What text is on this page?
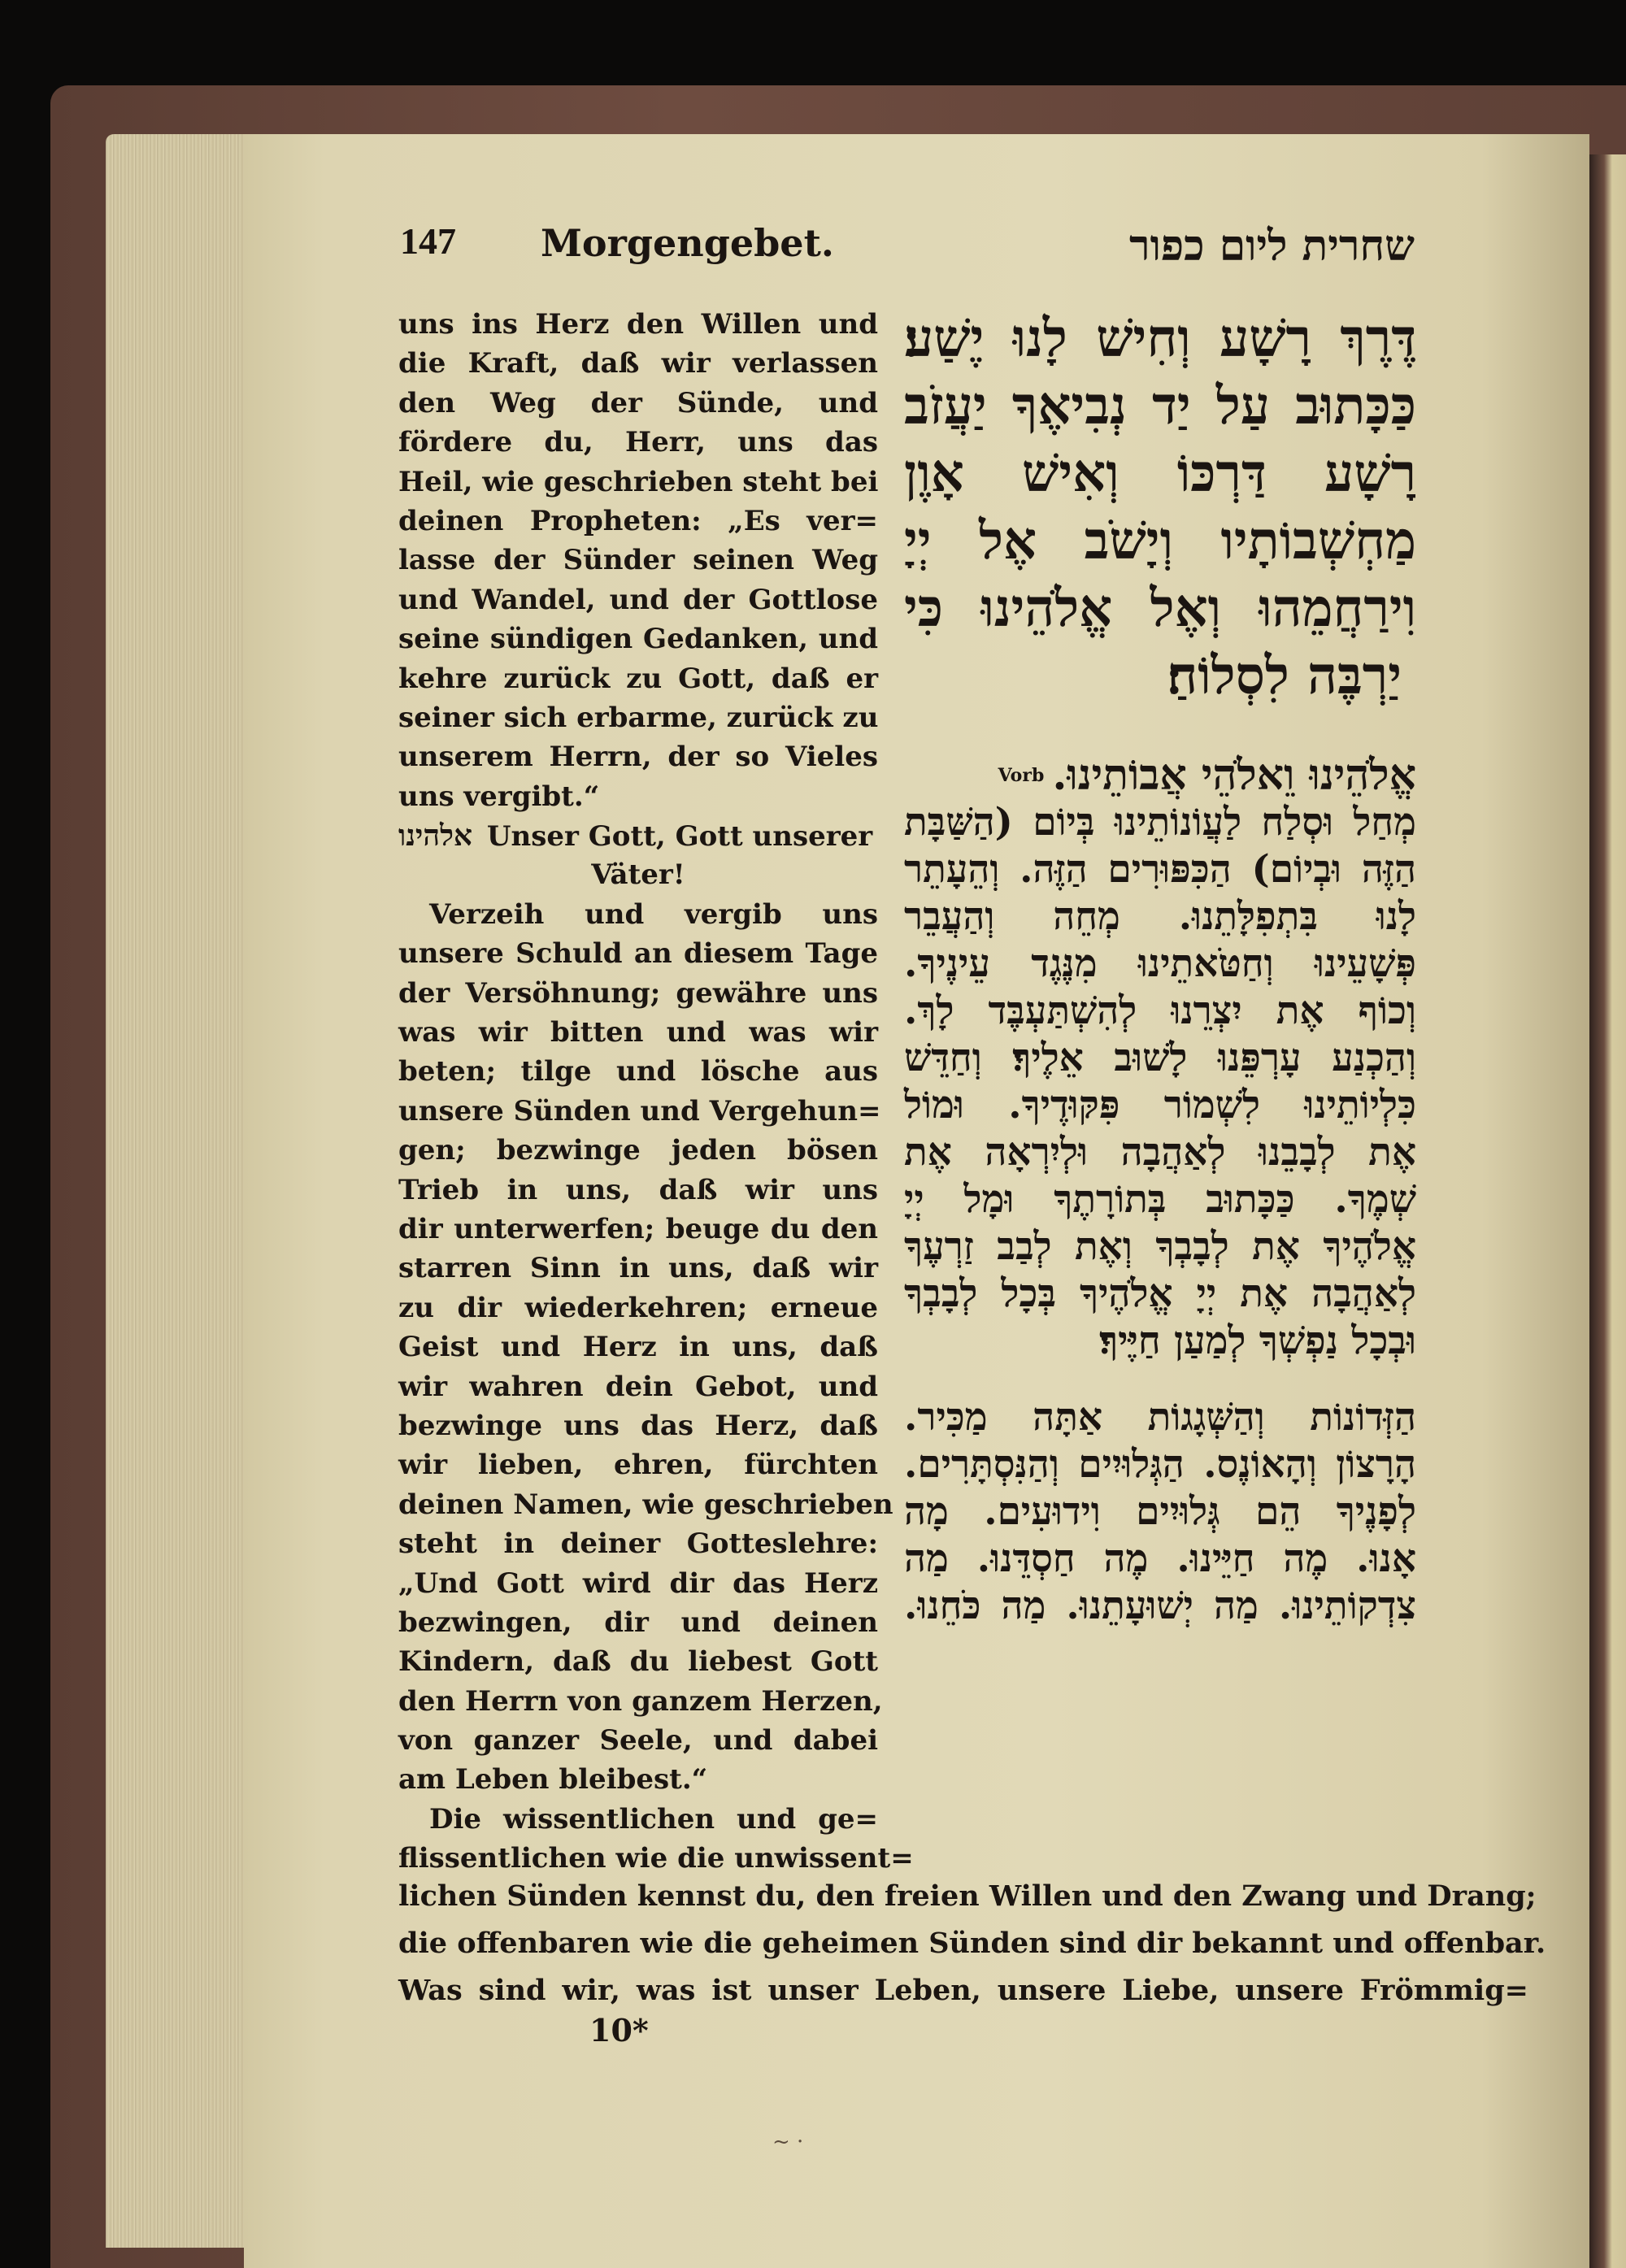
147 Morgengebet.	שחרית ליום כפור
uns ins Herz den Willen und
die Kraft, daß wir verlassen
den Weg der Sünde, und
fördere du, Herr, uns das
Heil, wie geschrieben steht bei
deinen Propheten: „Es ver=
lasse der Sünder seinen Weg
und Wandel, und der Gottlose
seine sündigen Gedanken, und
kehre zurück zu Gott, daß er
seiner sich erbarme, zurück zu
unserem Herrn, der so Vieles
uns vergibt.“
אלהינו Unser Gott, Gott unserer
Väter!
Verzeih und vergib uns
unsere Schuld an diesem Tage
der Versöhnung; gewähre uns
was wir bitten und was wir
beten; tilge und lösche aus
unsere Sünden und Vergehun=
gen; bezwinge jeden bösen
Trieb in uns, daß wir uns
dir unterwerfen; beuge du den
starren Sinn in uns, daß wir
zu dir wiederkehren; erneue
Geist und Herz in uns, daß
wir wahren dein Gebot, und
bezwinge uns das Herz, daß
wir lieben, ehren, fürchten
deinen Namen, wie geschrieben
steht in deiner Gotteslehre:
„Und Gott wird dir das Herz
bezwingen, dir und deinen
Kindern, daß du liebest Gott
den Herrn von ganzem Herzen,
von ganzer Seele, und dabei
am Leben bleibest.“
Die wissentlichen und ge=
flissentlichen wie die unwissent=
דֶּרֶךְ רָשָׁע וְחִישׁ לָנוּ יֶשַׁע׃
כַּכָּתוּב עַל יַד נְבִיאֶךָ יַעֲזֹב
רָשָׁע דַּרְכּוֹ וְאִישׁ אָוֶן
מַחְשְׁבוֹתָיו וְיָשֹׁב אֶל יְיָ
וִירַחֲמֵהוּ וְאֶל אֱלֹהֵינוּ כִּי
יַרְבֶּה לִסְלוֹחַ׃
אֱלֹהֵינוּ וֵאלֹהֵי אֲבוֹתֵינוּ.$^{Vorb}$
מְחַל וּסְלַח לַעֲוֹנוֹתֵינוּ בְּיוֹם (הַשַּׁבָּת
הַזֶּה וּבְיוֹם) הַכִּפּוּרִים הַזֶּה. וְהֵעָתֵר
לָנוּ בִּתְפִלָּתֵנוּ. מְחֵה וְהַעֲבֵר
פְּשָׁעֵינוּ וְחַטֹּאתֵינוּ מִנֶּגֶד עֵינֶיךָ.
וְכוֹף אֶת יִצְרֵנוּ לְהִשְׁתַּעְבֶּד לָךְ.
וְהַכְנַע עָרְפֵּנוּ לָשׁוּב אֵלֶיךָ׃ וְחַדֵּשׁ
כִּלְיוֹתֵינוּ לִשְׁמוֹר פִּקּוּדֶיךָ. וּמוֹל
אֶת לְבָבֵנוּ לְאַהֲבָה וּלְיִרְאָה אֶת
שְׁמֶךָ. כַּכָּתוּב בְּתוֹרָתֶךָ וּמָל יְיָ
אֱלֹהֶיךָ אֶת לְבָבְךָ וְאֶת לְבַב זַרְעֶךָ
לְאַהֲבָה אֶת יְיָ אֱלֹהֶיךָ בְּכָל לְבָבְךָ
וּבְכָל נַפְשְׁךָ לְמַעַן חַיֶּיךָ׃
הַזְּדוֹנוֹת וְהַשְּׁגָגוֹת אַתָּה מַכִּיר.
הָרָצוֹן וְהָאוֹנֶס. הַגְּלוּיִים וְהַנִּסְתָּרִים.
לְפָנֶיךָ הֵם גְּלוּיִים וִידוּעִים. מָה
אָנוּ. מֶה חַיֵּינוּ. מֶה חַסְדֵּנוּ. מַה
צִדְקוֹתֵינוּ. מַה יְשׁוּעָתֵנוּ. מַה כֹּחֵנוּ.
lichen Sünden kennst du, den freien Willen und den Zwang und Drang;
die offenbaren wie die geheimen Sünden sind dir bekannt und offenbar.
Was sind wir, was ist unser Leben, unsere Liebe, unsere Frömmig=
10*
~ ·
